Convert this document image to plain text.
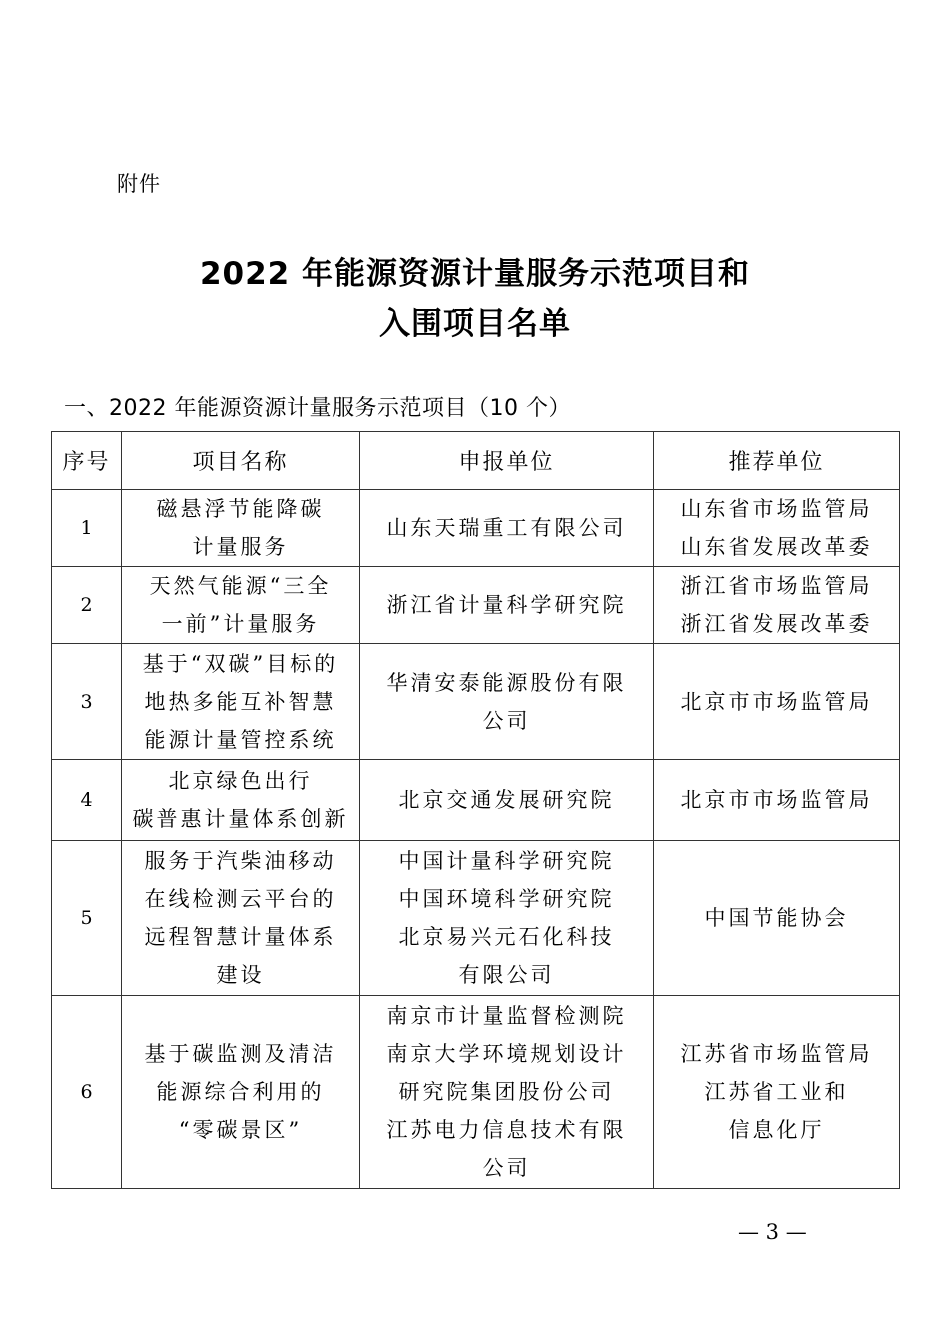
附件
2022 年能源资源计量服务示范项目和
入围项目名单
一、2022 年能源资源计量服务示范项目（10 个）
序号	项目名称	申报单位	推荐单位
1	磁悬浮节能降碳
计量服务	山东天瑞重工有限公司	山东省市场监管局
山东省发展改革委

2	天然气能源“三全
一前”计量服务	浙江省计量科学研究院	浙江省市场监管局
浙江省发展改革委

3	基于“双碳”目标的
地热多能互补智慧
能源计量管控系统	华清安泰能源股份有限
公司	北京市市场监管局

4	北京绿色出行
碳普惠计量体系创新	北京交通发展研究院	北京市市场监管局

5	服务于汽柴油移动
在线检测云平台的
远程智慧计量体系
建设	中国计量科学研究院
中国环境科学研究院
北京易兴元石化科技
有限公司	中国节能协会

6	基于碳监测及清洁
能源综合利用的
“零碳景区”	南京市计量监督检测院
南京大学环境规划设计
研究院集团股份公司
江苏电力信息技术有限
公司	江苏省市场监管局
江苏省工业和
信息化厅
— 3 —
